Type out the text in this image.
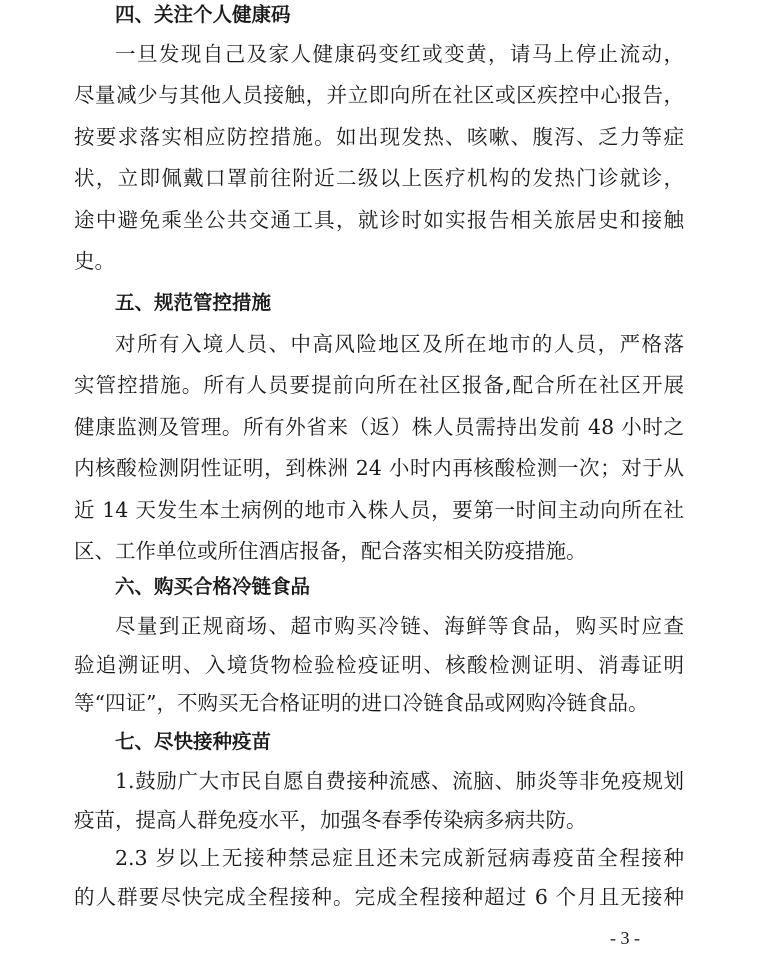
四、关注个人健康码
一旦发现自己及家人健康码变红或变黄，请马上停止流动，
尽量减少与其他人员接触，并立即向所在社区或区疾控中心报告，
按要求落实相应防控措施。如出现发热、咳嗽、腹泻、乏力等症
状，立即佩戴口罩前往附近二级以上医疗机构的发热门诊就诊，
途中避免乘坐公共交通工具，就诊时如实报告相关旅居史和接触
史。
五、规范管控措施
对所有入境人员、中高风险地区及所在地市的人员，严格落
实管控措施。所有人员要提前向所在社区报备,配合所在社区开展
健康监测及管理。所有外省来（返）株人员需持出发前 48 小时之
内核酸检测阴性证明，到株洲 24 小时内再核酸检测一次；对于从
近 14 天发生本土病例的地市入株人员，要第一时间主动向所在社
区、工作单位或所住酒店报备，配合落实相关防疫措施。
六、购买合格冷链食品
尽量到正规商场、超市购买冷链、海鲜等食品，购买时应查
验追溯证明、入境货物检验检疫证明、核酸检测证明、消毒证明
等“四证”，不购买无合格证明的进口冷链食品或网购冷链食品。
七、尽快接种疫苗
1.鼓励广大市民自愿自费接种流感、流脑、肺炎等非免疫规划
疫苗，提高人群免疫水平，加强冬春季传染病多病共防。
2.3 岁以上无接种禁忌症且还未完成新冠病毒疫苗全程接种
的人群要尽快完成全程接种。完成全程接种超过 6 个月且无接种
- 3 -
